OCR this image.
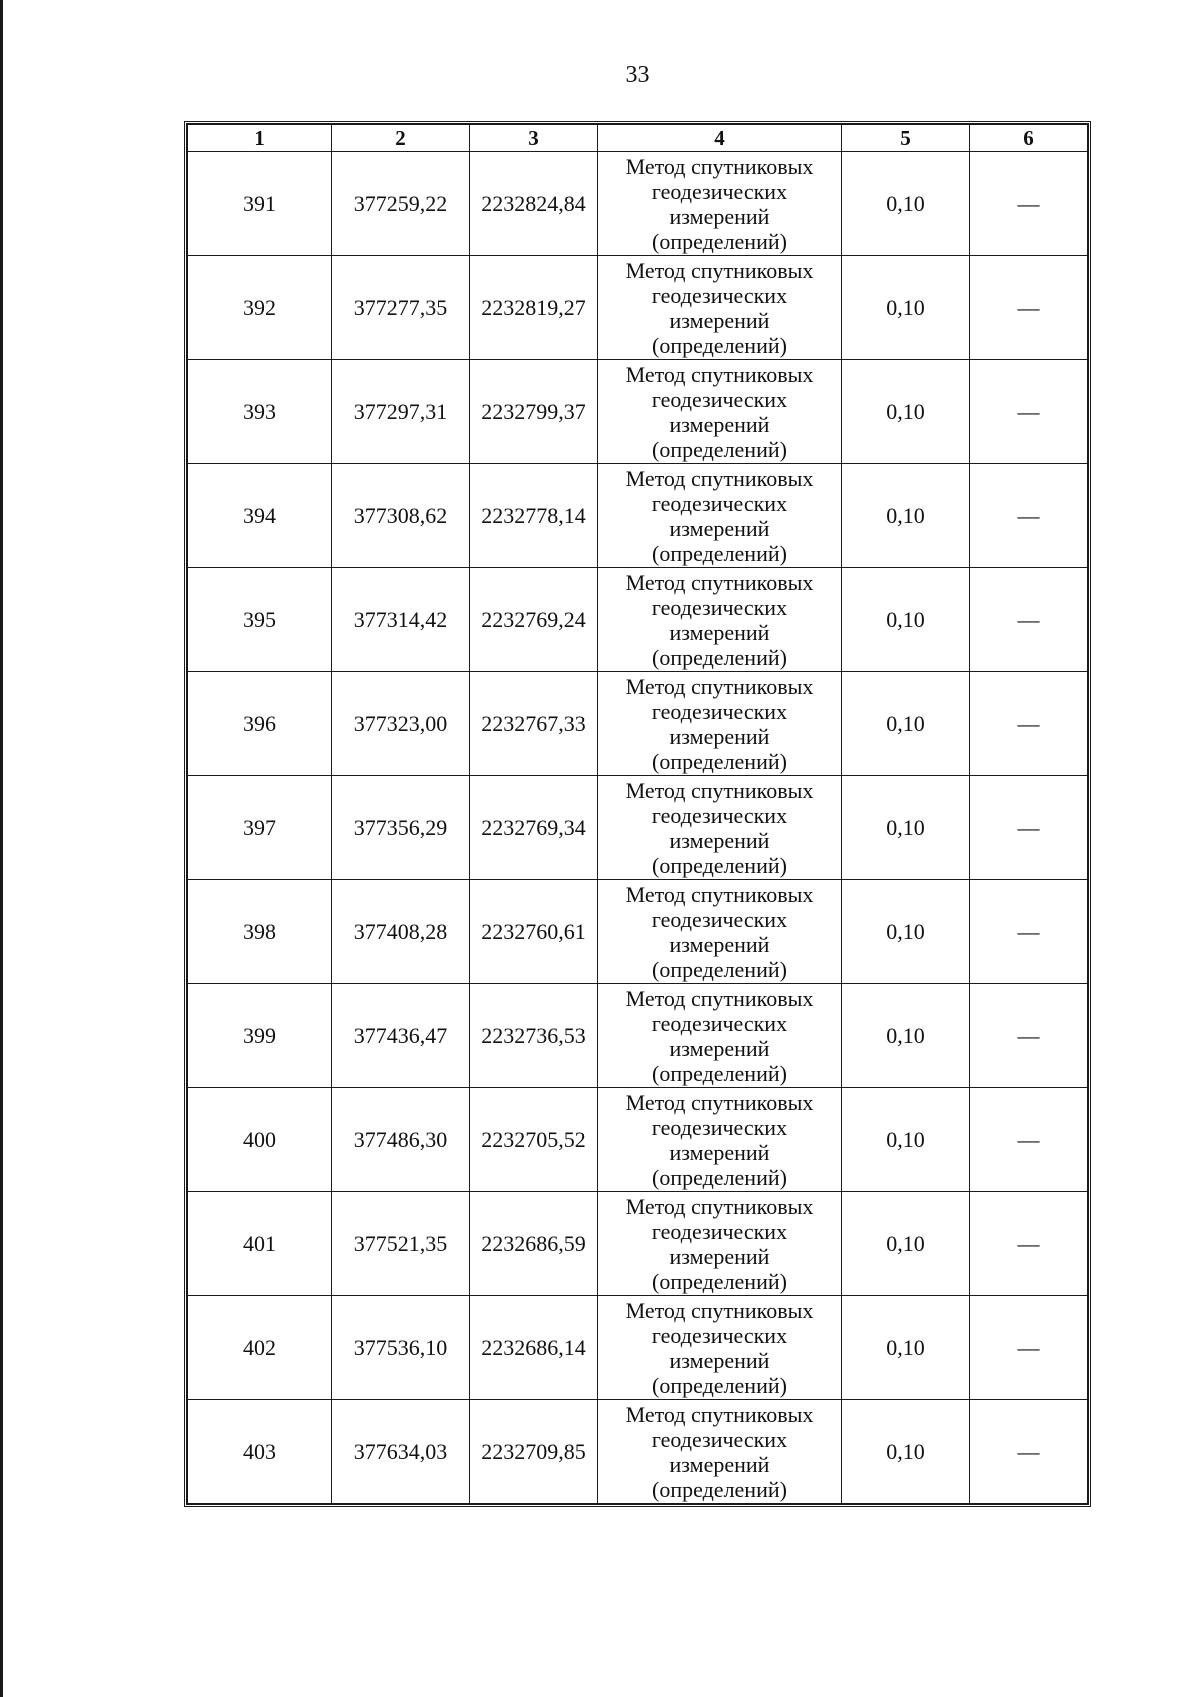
33
1	2	3	4	5	6
391	377259,22	2232824,84	Метод спутниковых
геодезических
измерений
(определений)	0,10	—
392	377277,35	2232819,27	Метод спутниковых
геодезических
измерений
(определений)	0,10	—
393	377297,31	2232799,37	Метод спутниковых
геодезических
измерений
(определений)	0,10	—
394	377308,62	2232778,14	Метод спутниковых
геодезических
измерений
(определений)	0,10	—
395	377314,42	2232769,24	Метод спутниковых
геодезических
измерений
(определений)	0,10	—
396	377323,00	2232767,33	Метод спутниковых
геодезических
измерений
(определений)	0,10	—
397	377356,29	2232769,34	Метод спутниковых
геодезических
измерений
(определений)	0,10	—
398	377408,28	2232760,61	Метод спутниковых
геодезических
измерений
(определений)	0,10	—
399	377436,47	2232736,53	Метод спутниковых
геодезических
измерений
(определений)	0,10	—
400	377486,30	2232705,52	Метод спутниковых
геодезических
измерений
(определений)	0,10	—
401	377521,35	2232686,59	Метод спутниковых
геодезических
измерений
(определений)	0,10	—
402	377536,10	2232686,14	Метод спутниковых
геодезических
измерений
(определений)	0,10	—
403	377634,03	2232709,85	Метод спутниковых
геодезических
измерений
(определений)	0,10	—
